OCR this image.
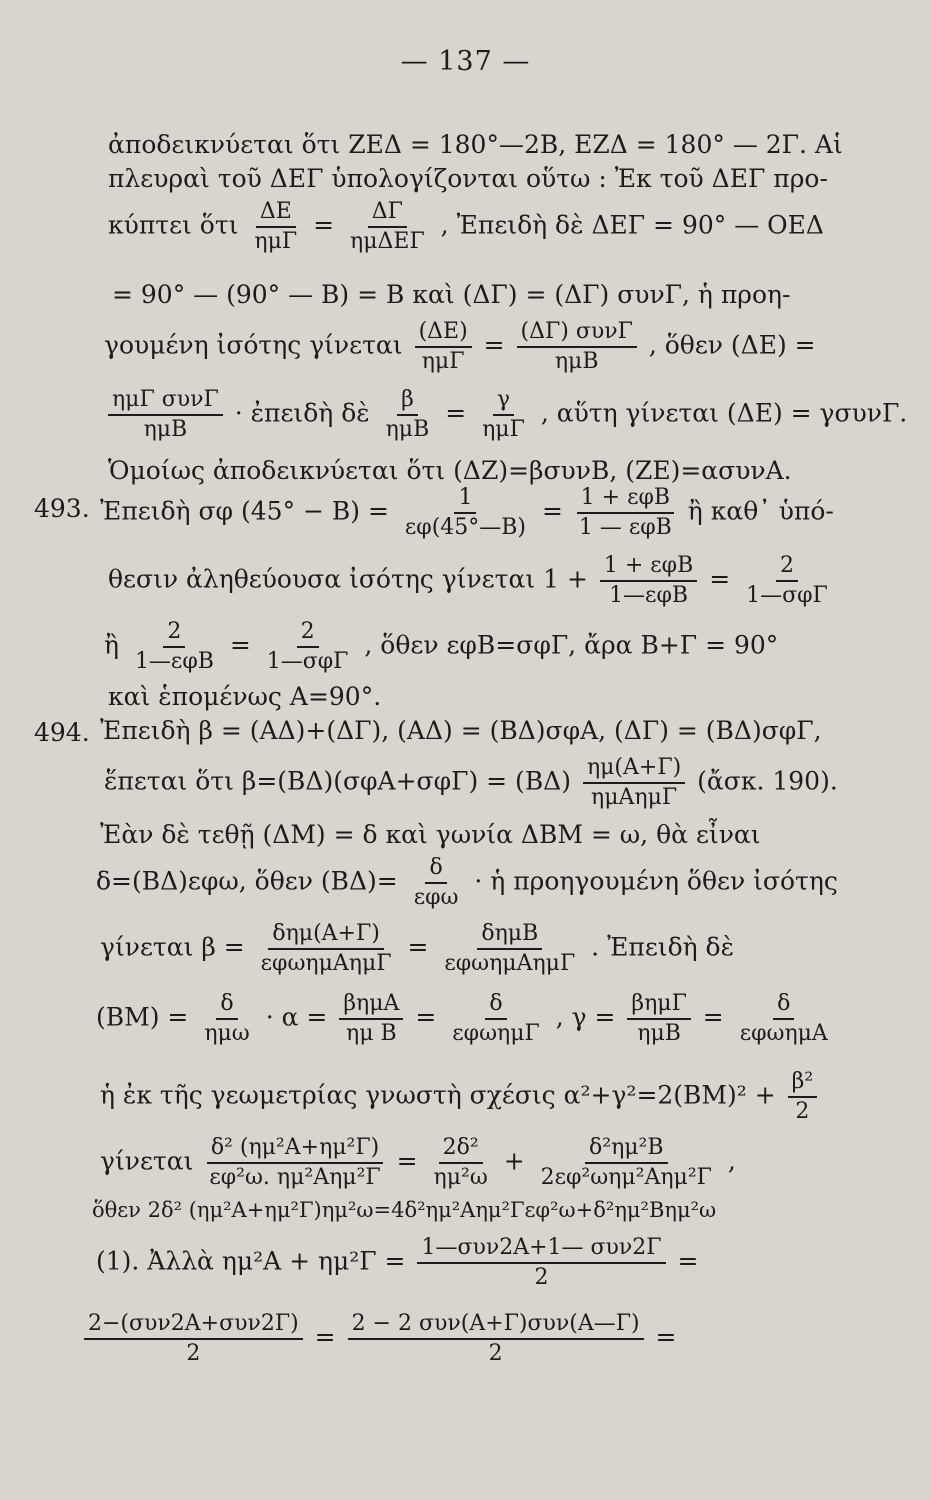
— 137 —
ἀποδεικνύεται ὅτι ΖΕΔ = 180°—2Β, ΕΖΔ = 180° — 2Γ. Αἱ
πλευραὶ τοῦ ΔΕΓ ὑπολογίζονται οὕτω : Ἐκ τοῦ ΔΕΓ προ-
κύπτει ὅτι $\frac{\Delta E}{\text{ημΓ}} = \frac{\Delta\Gamma}{\text{ημΔΕΓ}}$ , Ἐπειδὴ δὲ ΔΕΓ = 90° — ΟΕΔ
= 90° — (90° — Β) = Β καὶ (ΔΓ) = (ΔΓ) συνΓ, ἡ προη-
γουμένη ἰσότης γίνεται $\frac{(\Delta E)}{\text{ημΓ}} = \frac{\text{(ΔΓ) συνΓ}}{\text{ημΒ}}$ , ὅθεν (ΔΕ) =
$\frac{\text{ημΓ συνΓ}}{\text{ημΒ}}$ · ἐπειδὴ δὲ $\frac{\beta}{\text{ημΒ}} = \frac{\gamma}{\text{ημΓ}}$ , αὕτη γίνεται (ΔΕ) = γσυνΓ.
Ὁμοίως ἀποδεικνύεται ὅτι (ΔΖ)=βσυνΒ, (ΖΕ)=ασυνΑ.
493. Ἐπειδὴ σφ $(45^\circ - B) = \frac{1}{\varepsilon\varphi(45^\circ—B)} = \frac{\text{1 + εφΒ}}{\text{1 — εφΒ}}$ ἢ καθ᾽ ὑπό-
θεσιν ἀληθεύουσα ἰσότης γίνεται $1 + \frac{\text{1 + εφΒ}}{\text{1—εφΒ}} = \frac{2}{\text{1—σφΓ}}$
ἢ $\frac{2}{\text{1—εφΒ}} = \frac{2}{\text{1—σφΓ}}$ , ὅθεν εφΒ=σφΓ, ἄρα Β+Γ = 90°
καὶ ἑπομένως Α=90°.
494. Ἐπειδὴ β = (ΑΔ)+(ΔΓ), (ΑΔ) = (ΒΔ)σφΑ, (ΔΓ) = (ΒΔ)σφΓ,
ἕπεται ὅτι $\beta=(B\Delta)(\sigma\varphi A+\sigma\varphi\Gamma) = (B\Delta) \frac{\eta\mu(A+\Gamma)}{\text{ημΑημΓ}}$ (ἄσκ. 190).
Ἐὰν δὲ τεθῇ (ΔΜ) = δ καὶ γωνία ΔΒΜ = ω, θὰ εἶναι
δ=(ΒΔ)εφω, ὅθεν $(B\Delta)= \frac{\delta}{\text{εφω}}$ · ἡ προηγουμένη ὅθεν ἰσότης
γίνεται $\beta = \frac{\text{δημ(Α+Γ)}}{\text{εφωημΑημΓ}} = \frac{\text{δημΒ}}{\text{εφωημΑημΓ}}$ . Ἐπειδὴ δὲ
$(BM) = \frac{\delta}{\text{ημω}} \cdot \alpha = \frac{\text{βημΑ}}{\text{ημ Β}} = \frac{\delta}{\text{εφωημΓ}}$ , $\gamma = \frac{\text{βημΓ}}{\text{ημΒ}} = \frac{\delta}{\text{εφωημΑ}}$
ἡ ἐκ τῆς γεωμετρίας γνωστὴ σχέσις $\alpha^2+\gamma^2=2(BM)^2 + \frac{\text{β²}}{2}$
γίνεται $\frac{\text{δ² (ημ²Α+ημ²Γ)}}{\text{εφ²ω. ημ²Αημ²Γ}} = \frac{\text{2δ²}}{\text{ημ²ω}} + \frac{\text{δ²ημ²Β}}{\text{2εφ²ωημ²Αημ²Γ}}$ ,
ὅθεν 2δ² (ημ²Α+ημ²Γ)ημ²ω=4δ²ημ²Αημ²Γεφ²ω+δ²ημ²Βημ²ω
(1). Ἀλλὰ $\eta\mu^2A + \eta\mu^2\Gamma = \frac{\text{1—συν2Α+1— συν2Γ}}{2}$ =
$\frac{\text{2−(συν2Α+συν2Γ)}}{2} = \frac{\text{2 − 2 συν(Α+Γ)συν(Α—Γ)}}{2}$ =
